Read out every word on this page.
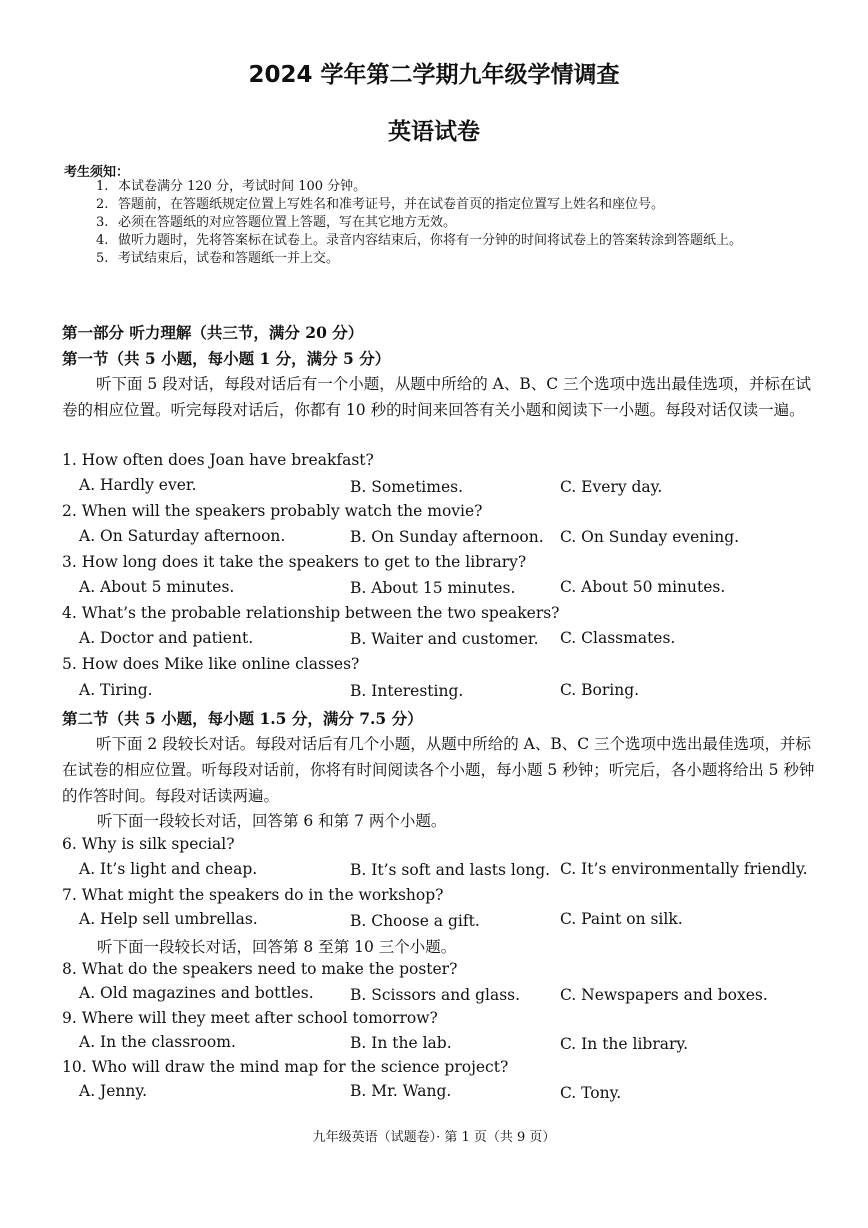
2024 学年第二学期九年级学情调查
英语试卷
考生须知：
1. 本试卷满分 120 分，考试时间 100 分钟。
2. 答题前，在答题纸规定位置上写姓名和准考证号，并在试卷首页的指定位置写上姓名和座位号。
3. 必须在答题纸的对应答题位置上答题，写在其它地方无效。
4. 做听力题时，先将答案标在试卷上。录音内容结束后，你将有一分钟的时间将试卷上的答案转涂到答题纸上。
5. 考试结束后，试卷和答题纸一并上交。
第一部分 听力理解（共三节，满分 20 分）
第一节（共 5 小题，每小题 1 分，满分 5 分）
听下面 5 段对话，每段对话后有一个小题，从题中所给的 A、B、C 三个选项中选出最佳选项，并标在试卷的相应位置。听完每段对话后，你都有 10 秒的时间来回答有关小题和阅读下一小题。每段对话仅读一遍。
1. How often does Joan have breakfast?
A. Hardly ever.	B. Sometimes.	C. Every day.
2. When will the speakers probably watch the movie?
A. On Saturday afternoon.	B. On Sunday afternoon. C. On Sunday evening.
3. How long does it take the speakers to get to the library?
A. About 5 minutes.	B. About 15 minutes.	C. About 50 minutes.
4. What’s the probable relationship between the two speakers?
A. Doctor and patient.	B. Waiter and customer. C. Classmates.
5. How does Mike like online classes?
A. Tiring.	B. Interesting.	C. Boring.
第二节（共 5 小题，每小题 1.5 分，满分 7.5 分）
听下面 2 段较长对话。每段对话后有几个小题，从题中所给的 A、B、C 三个选项中选出最佳选项，并标在试卷的相应位置。听每段对话前，你将有时间阅读各个小题，每小题 5 秒钟；听完后，各小题将给出 5 秒钟的作答时间。每段对话读两遍。
听下面一段较长对话，回答第 6 和第 7 两个小题。
6. Why is silk special?
A. It’s light and cheap.	B. It’s soft and lasts long. C. It’s environmentally friendly.
7. What might the speakers do in the workshop?
A. Help sell umbrellas.	B. Choose a gift.	C. Paint on silk.
听下面一段较长对话，回答第 8 至第 10 三个小题。
8. What do the speakers need to make the poster?
A. Old magazines and bottles. B. Scissors and glass.	C. Newspapers and boxes.
9. Where will they meet after school tomorrow?
A. In the classroom.	B. In the lab.	C. In the library.
10. Who will draw the mind map for the science project?
A. Jenny.	B. Mr. Wang.	C. Tony.
九年级英语（试题卷）· 第 1 页（共 9 页）
